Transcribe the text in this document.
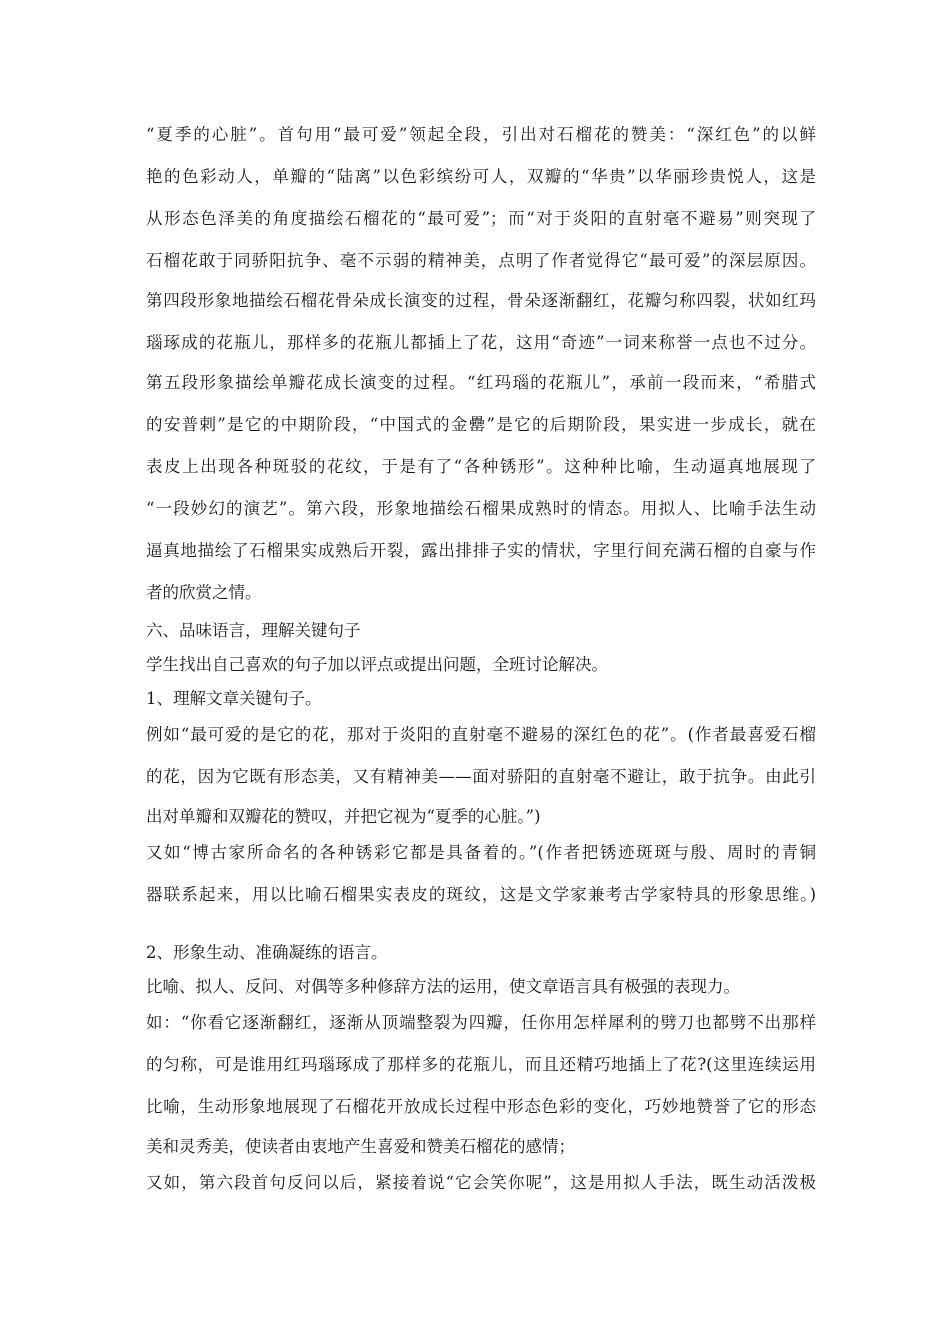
“夏季的心脏”。首句用“最可爱”领起全段，引出对石榴花的赞美：“深红色”的以鲜
艳的色彩动人，单瓣的“陆离”以色彩缤纷可人，双瓣的“华贵”以华丽珍贵悦人，这是
从形态色泽美的角度描绘石榴花的“最可爱”；而“对于炎阳的直射毫不避易”则突现了
石榴花敢于同骄阳抗争、毫不示弱的精神美，点明了作者觉得它“最可爱”的深层原因。
第四段形象地描绘石榴花骨朵成长演变的过程，骨朵逐渐翻红，花瓣匀称四裂，状如红玛
瑙琢成的花瓶儿，那样多的花瓶儿都插上了花，这用“奇迹”一词来称誉一点也不过分。
第五段形象描绘单瓣花成长演变的过程。“红玛瑙的花瓶儿”，承前一段而来，“希腊式
的安普剌”是它的中期阶段，“中国式的金罍”是它的后期阶段，果实进一步成长，就在
表皮上出现各种斑驳的花纹，于是有了“各种锈形”。这种种比喻，生动逼真地展现了
“一段妙幻的演艺”。第六段，形象地描绘石榴果成熟时的情态。用拟人、比喻手法生动
逼真地描绘了石榴果实成熟后开裂，露出排排子实的情状，字里行间充满石榴的自豪与作
者的欣赏之情。
六、品味语言，理解关键句子
学生找出自己喜欢的句子加以评点或提出问题，全班讨论解决。
1、理解文章关键句子。
例如“最可爱的是它的花，那对于炎阳的直射毫不避易的深红色的花”。(作者最喜爱石榴
的花，因为它既有形态美，又有精神美——面对骄阳的直射毫不避让，敢于抗争。由此引
出对单瓣和双瓣花的赞叹，并把它视为“夏季的心脏。”)
又如“博古家所命名的各种锈彩它都是具备着的。”(作者把锈迹斑斑与殷、周时的青铜
器联系起来，用以比喻石榴果实表皮的斑纹，这是文学家兼考古学家特具的形象思维。)
2、形象生动、准确凝练的语言。
比喻、拟人、反问、对偶等多种修辞方法的运用，使文章语言具有极强的表现力。
如：“你看它逐渐翻红，逐渐从顶端整裂为四瓣，任你用怎样犀利的劈刀也都劈不出那样
的匀称，可是谁用红玛瑙琢成了那样多的花瓶儿，而且还精巧地插上了花?(这里连续运用
比喻，生动形象地展现了石榴花开放成长过程中形态色彩的变化，巧妙地赞誉了它的形态
美和灵秀美，使读者由衷地产生喜爱和赞美石榴花的感情；
又如，第六段首句反问以后，紧接着说“它会笑你呢”，这是用拟人手法，既生动活泼极
